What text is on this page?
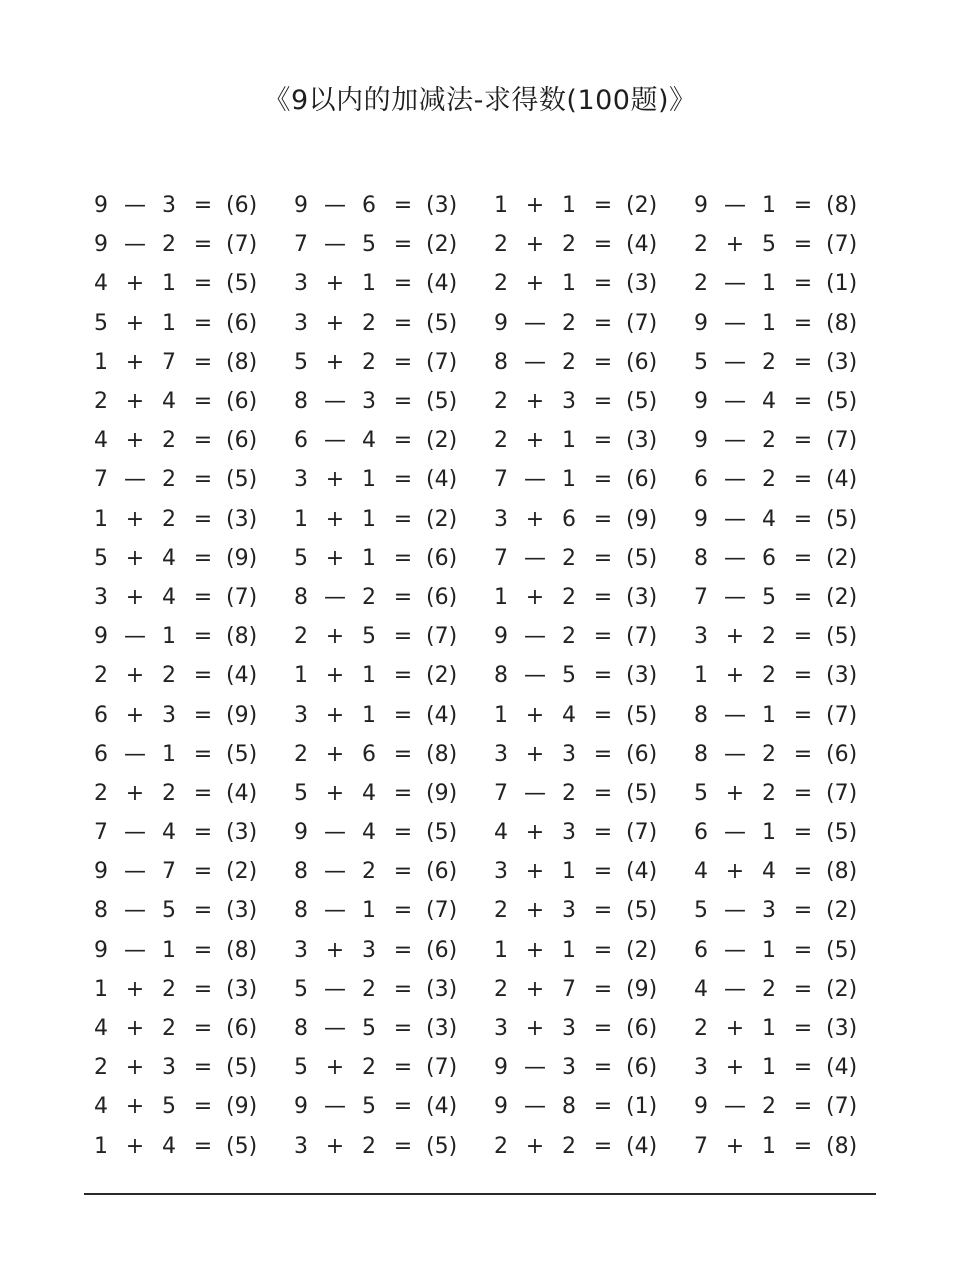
《9以内的加减法-求得数(100题)》
9 — 3 = (6)	9 — 6 = (3)	1 + 1 = (2)	9 — 1 = (8)
9 — 2 = (7)	7 — 5 = (2)	2 + 2 = (4)	2 + 5 = (7)
4 + 1 = (5)	3 + 1 = (4)	2 + 1 = (3)	2 — 1 = (1)
5 + 1 = (6)	3 + 2 = (5)	9 — 2 = (7)	9 — 1 = (8)
1 + 7 = (8)	5 + 2 = (7)	8 — 2 = (6)	5 — 2 = (3)
2 + 4 = (6)	8 — 3 = (5)	2 + 3 = (5)	9 — 4 = (5)
4 + 2 = (6)	6 — 4 = (2)	2 + 1 = (3)	9 — 2 = (7)
7 — 2 = (5)	3 + 1 = (4)	7 — 1 = (6)	6 — 2 = (4)
1 + 2 = (3)	1 + 1 = (2)	3 + 6 = (9)	9 — 4 = (5)
5 + 4 = (9)	5 + 1 = (6)	7 — 2 = (5)	8 — 6 = (2)
3 + 4 = (7)	8 — 2 = (6)	1 + 2 = (3)	7 — 5 = (2)
9 — 1 = (8)	2 + 5 = (7)	9 — 2 = (7)	3 + 2 = (5)
2 + 2 = (4)	1 + 1 = (2)	8 — 5 = (3)	1 + 2 = (3)
6 + 3 = (9)	3 + 1 = (4)	1 + 4 = (5)	8 — 1 = (7)
6 — 1 = (5)	2 + 6 = (8)	3 + 3 = (6)	8 — 2 = (6)
2 + 2 = (4)	5 + 4 = (9)	7 — 2 = (5)	5 + 2 = (7)
7 — 4 = (3)	9 — 4 = (5)	4 + 3 = (7)	6 — 1 = (5)
9 — 7 = (2)	8 — 2 = (6)	3 + 1 = (4)	4 + 4 = (8)
8 — 5 = (3)	8 — 1 = (7)	2 + 3 = (5)	5 — 3 = (2)
9 — 1 = (8)	3 + 3 = (6)	1 + 1 = (2)	6 — 1 = (5)
1 + 2 = (3)	5 — 2 = (3)	2 + 7 = (9)	4 — 2 = (2)
4 + 2 = (6)	8 — 5 = (3)	3 + 3 = (6)	2 + 1 = (3)
2 + 3 = (5)	5 + 2 = (7)	9 — 3 = (6)	3 + 1 = (4)
4 + 5 = (9)	9 — 5 = (4)	9 — 8 = (1)	9 — 2 = (7)
1 + 4 = (5)	3 + 2 = (5)	2 + 2 = (4)	7 + 1 = (8)
